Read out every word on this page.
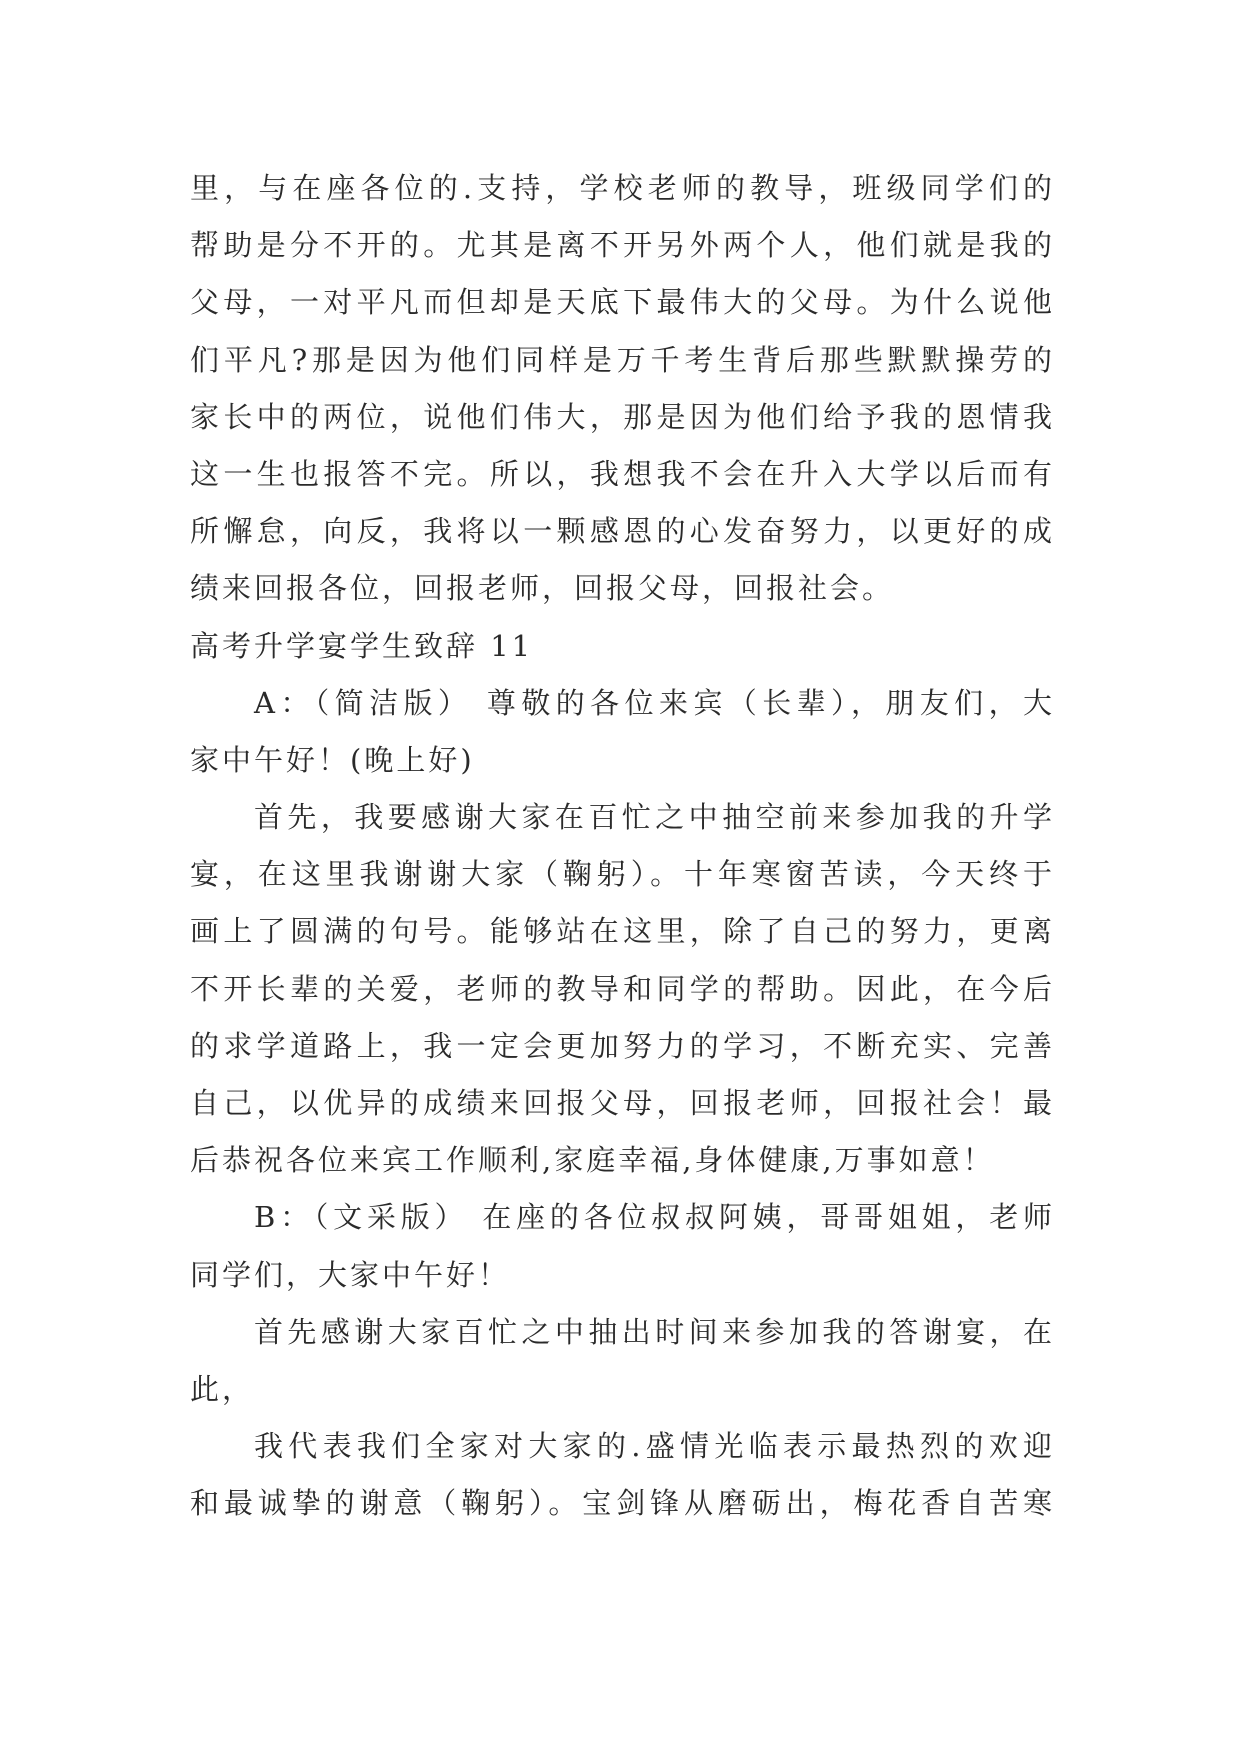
里，与在座各位的.支持，学校老师的教导，班级同学们的
帮助是分不开的。尤其是离不开另外两个人，他们就是我的
父母，一对平凡而但却是天底下最伟大的父母。为什么说他
们平凡?那是因为他们同样是万千考生背后那些默默操劳的
家长中的两位，说他们伟大，那是因为他们给予我的恩情我
这一生也报答不完。所以，我想我不会在升入大学以后而有
所懈怠，向反，我将以一颗感恩的心发奋努力，以更好的成
绩来回报各位，回报老师，回报父母，回报社会。
高考升学宴学生致辞 11
A：（简洁版） 尊敬的各位来宾（长辈），朋友们，大
家中午好！(晚上好)
首先，我要感谢大家在百忙之中抽空前来参加我的升学
宴，在这里我谢谢大家（鞠躬）。十年寒窗苦读，今天终于
画上了圆满的句号。能够站在这里，除了自己的努力，更离
不开长辈的关爱，老师的教导和同学的帮助。因此，在今后
的求学道路上，我一定会更加努力的学习，不断充实、完善
自己，以优异的成绩来回报父母，回报老师，回报社会！最
后恭祝各位来宾工作顺利,家庭幸福,身体健康,万事如意！
B：（文采版） 在座的各位叔叔阿姨，哥哥姐姐，老师
同学们，大家中午好！
首先感谢大家百忙之中抽出时间来参加我的答谢宴，在
此，
我代表我们全家对大家的.盛情光临表示最热烈的欢迎
和最诚挚的谢意（鞠躬）。宝剑锋从磨砺出，梅花香自苦寒
